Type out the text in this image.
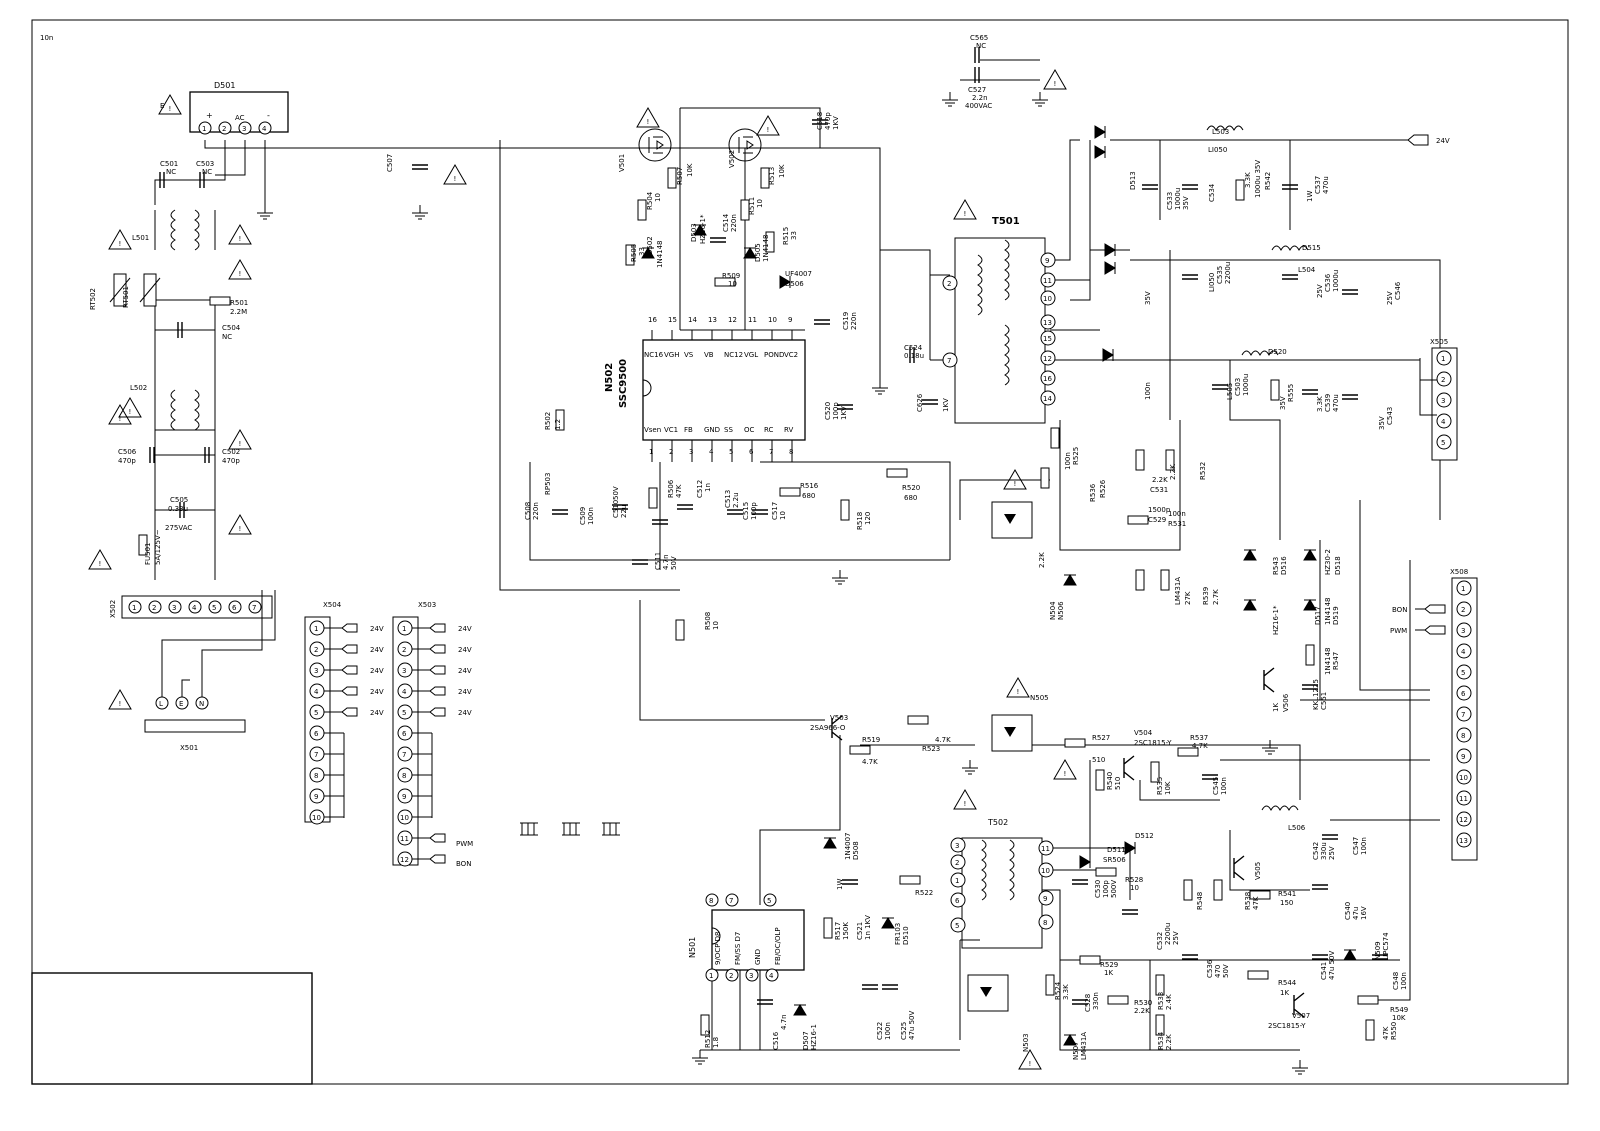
N502 SSC9500
16
NC16
15
VGH
14
VS
13
VB
12
NC12
11
VGL
10
POND
9
VC2
1
Vsen
2
VC1
3
FB
4
GND
5
SS
6
OC
7
RC
8
RV
N501
8 7	5
1 2 3 4
9/OCP D8 FM/SS D7 GND FB/OC/OLP
D501
AC
+	-
1 2 3 4
T501
2
7
9
11
10
13
15
12
16
14
T502
3
2
1
6
5
11
10
9
8
X502 1 2 3 4 5 6 7
X501
L E N
X504
1	24V
2	24V
3	24V
4	24V
5	24V
6
7
8
9
10
X503
1	24V
2	24V
3	24V
4	24V
5	24V
6
7
8
9
10
11
12
PWM
BON
X505
1
2
3
4
5
X508
1
2
3
4
5
6
7
8
9
10
11
12
13
BON
PWM
24V
!
!
!
!
!
!
!
!
!
!
!
!
!
!
!
!
!
!
!
!
C501
NC
C503
NC
L501
RT502	RT501	R501
2.2M
C504
NC
L502
C506
470p
C502
470p
C505
0.33u
275VAC
FU501 5A/125V~
C507
C565
NC
C527
2.2n
400VAC
E
V501	V502
R507 10K	R513 10K
R504 10	R511 10
R505 33 D502 1N4148
D503 HZ16-1* C514 220n
D505 1N4148 R515 33
R509
10
UF4007
D506
C519 220n
C518 470p 1KV
C524
0.18u
C626	1KV
C520 100p 1KV
R502 1.2
RP503
C508 220n	C509 100n C510 22u
50V	R506 47K C512 1n
C513 2.2u
C515 100p C517 10
R516
680
R518 120
R520
680
C511 4.7n 50V
R508 10
D513
L503
LI050
C533 1000u 35V
C534	1000u 35V R542
3.3K
1W
C537 470u
35V
D515
L504
LI050 C535 2200u
25V C536 1000u
25V C546
100n
D520
L505 C503 1000u
35V
R555
3.3K C539 470u
35V C543
100n R525
2.2K	R532
R536 R526	2.2K
C531
1500p
C529
100n
R531
2.2K
N504 N506
LM431A 27K R539 2.7K
R543 D516	HZ30-2 D518
HZ16-1*	D517 1N4148 D519
1N4148 R547
1K V506	KKL1225 C551
10n
V503
2SA966-O
R519
4.7K
4.7K
R523
N505
R527
510
V504
2SC1815-Y
R537
4.7K
R540 510	R535 10K	C545 100n
D512
D511
SR506
C530 100p 500V R528
10
C532 2200u 25V
L506
R548	R538 47K
V505
R541
150
C542 330u 25V C547 100n
C540 47u 16V
C541 47u 50V
N509 UPC574
C548 100n
R544
1K
R549
10K
V507
2SC1815-Y
47K R550
R529
1K
R524 3.3K
C528 330n	R530
2.2K
R533 2.4K
R534 2.2K
N507 LM431A
N503
C536 470 50V
1N4007 D508
R517 150K C521 1n 1KV
R522
FR103 D510
C522 100n C525 47u 50V
R512 1.8	C516
4.7n
D507 HZ16-1
1W
